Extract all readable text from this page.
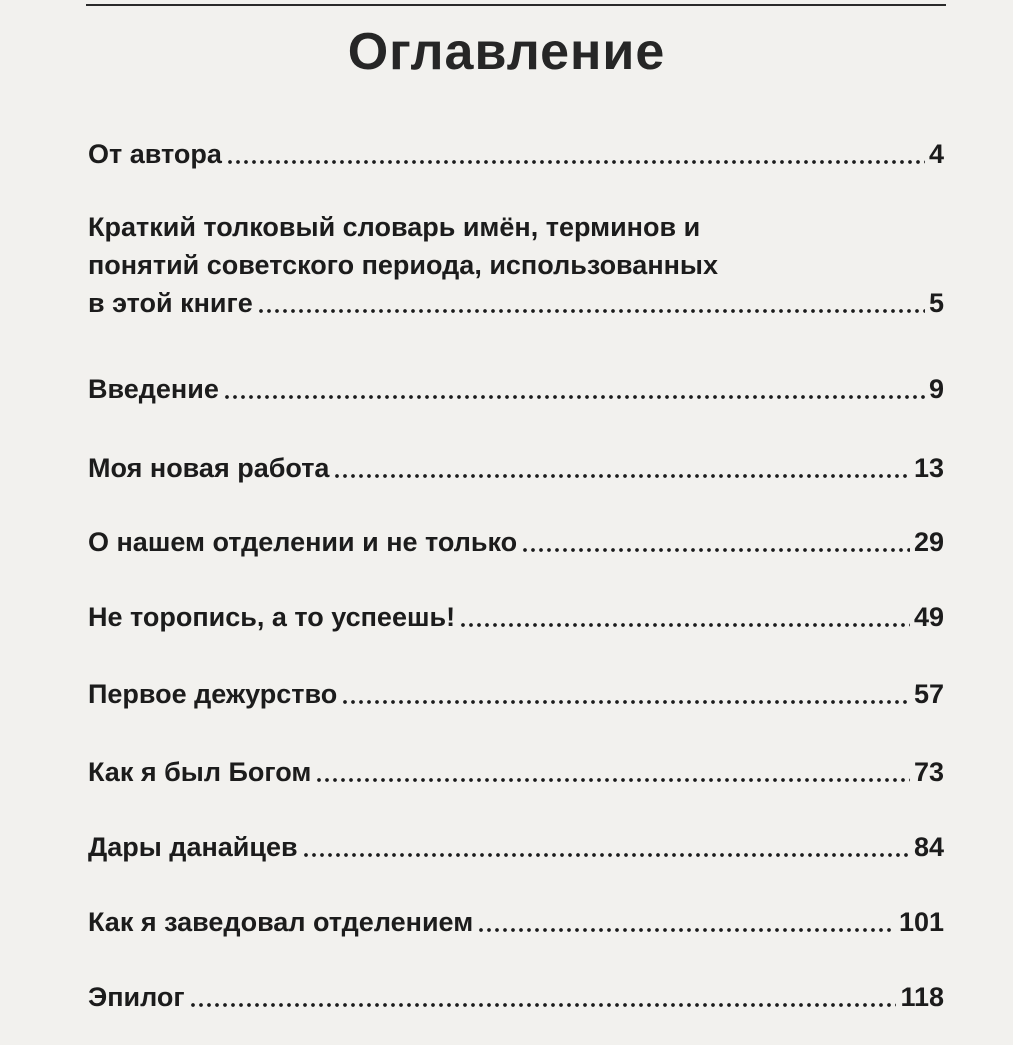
Оглавление
От автора	4
Краткий толковый словарь имён, терминов и
понятий советского периода, использованных
в этой книге	5
Введение	9
Моя новая работа	13
О нашем отделении и не только	29
Не торопись, а то успеешь!	49
Первое дежурство	57
Как я был Богом	73
Дары данайцев	84
Как я заведовал отделением	101
Эпилог	118
